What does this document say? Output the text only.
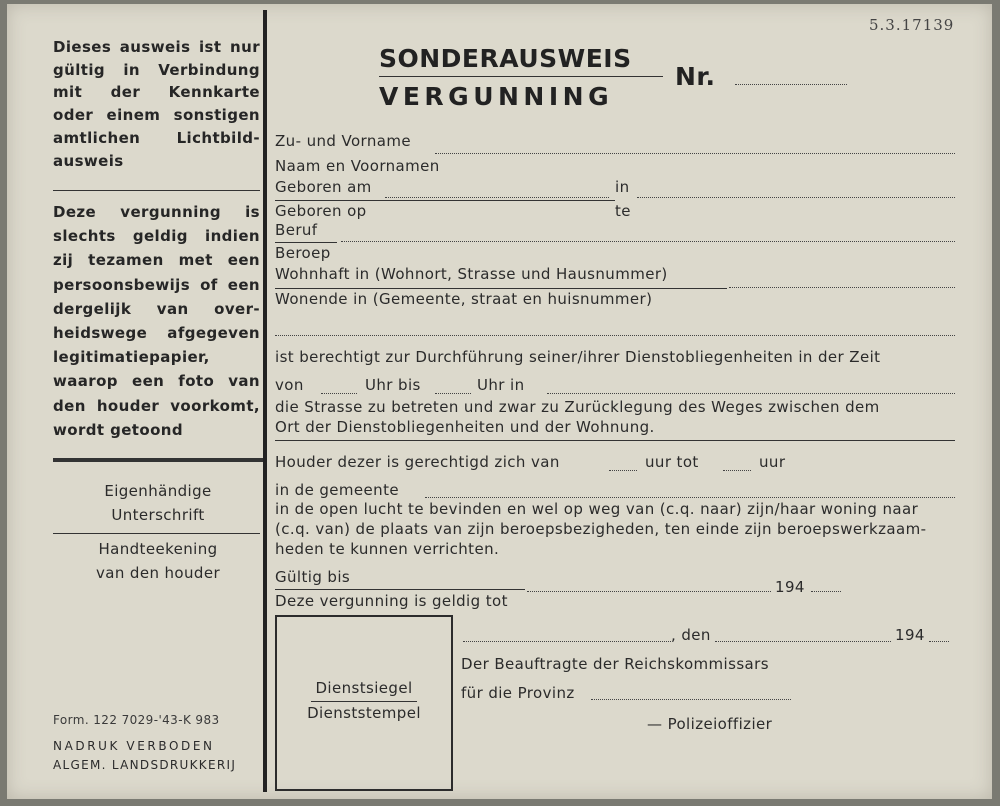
5.3.17139
Dieses ausweis ist nur
gültig in Verbindung
mit der Kennkarte
oder einem sonstigen
amtlichen Lichtbild-
ausweis
Deze vergunning is
slechts geldig indien
zij tezamen met een
persoonsbewijs of een
dergelijk van over-
heidswege afgegeven
legitimatiepapier,
waarop een foto van
den houder voorkomt,
wordt getoond
Eigenhändige
Unterschrift
Handteekening
van den houder
Form. 122 7029-'43-K 983
NADRUK VERBODEN
ALGEM. LANDSDRUKKERIJ
SONDERAUSWEIS
VERGUNNING
Nr.
Zu- und Vorname
Naam en Voornamen
Geboren am	in
Geboren op	te
Beruf
Beroep
Wohnhaft in (Wohnort, Strasse und Hausnummer)
Wonende in (Gemeente, straat en huisnummer)
ist berechtigt zur Durchführung seiner/ihrer Dienstobliegenheiten in der Zeit
von	Uhr bis	Uhr in
die Strasse zu betreten und zwar zu Zurücklegung des Weges zwischen dem
Ort der Dienstobliegenheiten und der Wohnung.
Houder dezer is gerechtigd zich van	uur tot	uur
in de gemeente
in de open lucht te bevinden en wel op weg van (c.q. naar) zijn/haar woning naar
(c.q. van) de plaats van zijn beroepsbezigheden, ten einde zijn beroepswerkzaam-
heden te kunnen verrichten.
Gültig bis
194
Deze vergunning is geldig tot
Dienstsiegel
Dienststempel
, den	194
Der Beauftragte der Reichskommissars
für die Provinz
— Polizeioffizier
